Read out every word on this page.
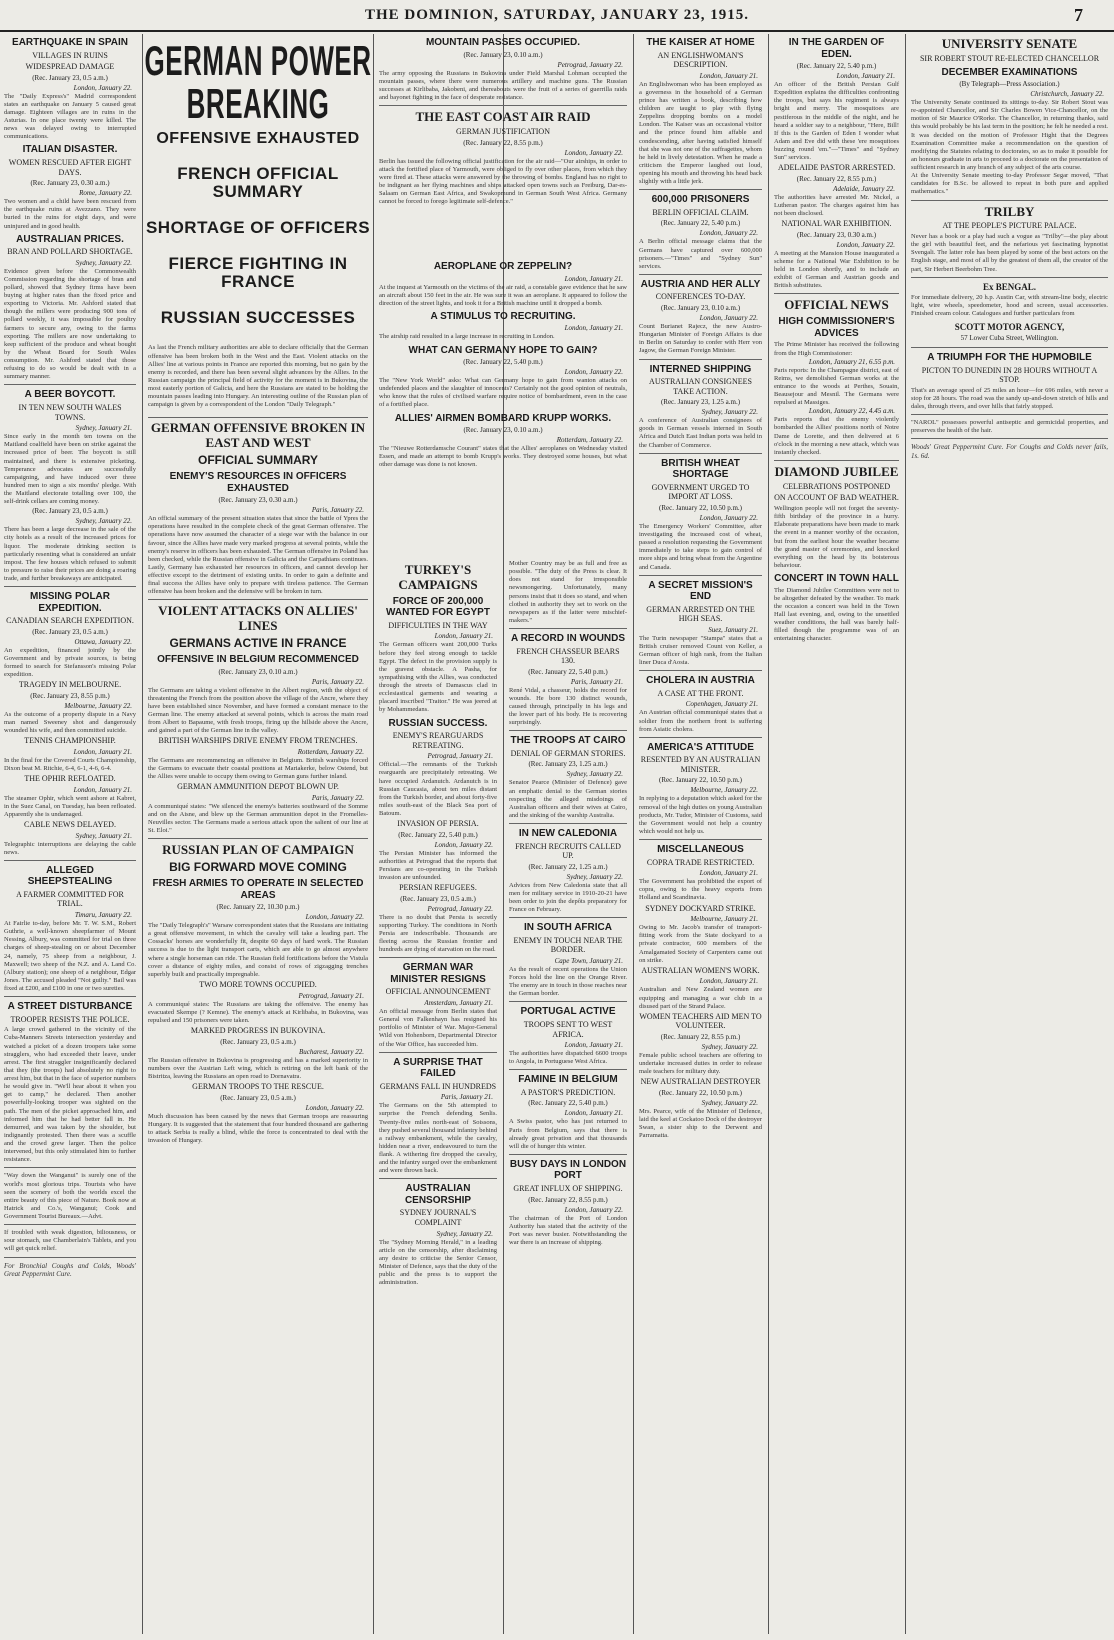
THE DOMINION, SATURDAY, JANUARY 23, 1915.	7
EARTHQUAKE IN SPAIN
VILLAGES IN RUINS
WIDESPREAD DAMAGE
(Rec. January 23, 0.5 a.m.)
London, January 22.

The "Daily Express's" Madrid correspondent states an earthquake on January 5 caused great damage. Eighteen villages are in ruins in the Asturias. In one place twenty were killed. The news was delayed owing to interrupted communications.

ITALIAN DISASTER.
WOMEN RESCUED AFTER EIGHT DAYS.
(Rec. January 23, 0.30 a.m.)
Rome, January 22.

Two women and a child have been rescued from the earthquake ruins at Avezzano. They were buried in the ruins for eight days, and were uninjured and in good health.

AUSTRALIAN PRICES.
BRAN AND POLLARD SHORTAGE.
Sydney, January 22.

Evidence given before the Commonwealth Commission regarding the shortage of bran and pollard, showed that Sydney firms have been buying at higher rates than the fixed price and exporting to Victoria. Mr. Ashford stated that though the millers were producing 900 tons of pollard weekly, it was impossible for poultry farmers to secure any, owing to the farms exporting. The millers are now undertaking to keep sufficient of the produce and wheat bought by the Wheat Board for South Wales consumption. Mr. Ashford stated that those refusing to do so would be dealt with in a summary manner.

A BEER BOYCOTT.
IN TEN NEW SOUTH WALES TOWNS.
Sydney, January 21.

Since early in the month ten towns on the Maitland coalfield have been on strike against the increased price of beer. The boycott is still maintained, and there is extensive picketing. Temperance advocates are successfully campaigning, and have induced over three hundred men to sign a six months' pledge. With the Maitland electorate totalling over 100, the self-drink cellars are coming money.

(Rec. January 23, 0.5 a.m.)
Sydney, January 22.

There has been a large decrease in the sale of the city hotels as a result of the increased prices for liquor. The moderate drinking section is particularly resenting what is considered an unfair impost. The few houses which refused to submit to pressure to raise their prices are doing a roaring trade, and further breakaways are anticipated.

MISSING POLAR EXPEDITION.
CANADIAN SEARCH EXPEDITION.
(Rec. January 23, 0.5 a.m.)
Ottawa, January 22.

An expedition, financed jointly by the Government and by private sources, is being formed to search for Stefansson's missing Polar expedition.

TRAGEDY IN MELBOURNE.
(Rec. January 23, 8.55 p.m.)
Melbourne, January 22.

As the outcome of a property dispute in a Navy man named Sweeney shot and dangerously wounded his wife, and then committed suicide.

TENNIS CHAMPIONSHIP.
London, January 21.

In the final for the Covered Courts Championship, Dixon beat M. Ritchie, 6-4, 6-1, 4-6, 6-4.

THE OPHIR REFLOATED.
London, January 21.

The steamer Ophir, which went ashore at Kabret, in the Suez Canal, on Tuesday, has been refloated. Apparently she is undamaged.

CABLE NEWS DELAYED.
Sydney, January 21.

Telegraphic interruptions are delaying the cable news.

ALLEGED SHEEPSTEALING
A FARMER COMMITTED FOR TRIAL.
Timaru, January 22.

At Fairlie to-day, before Mr. T. W. S.M., Robert Guthrie, a well-known sheepfarmer of Mount Nessing, Albury, was committed for trial on three charges of sheep-stealing on or about December 24, namely, 75 sheep from a neighbour, J. Maxwell; two sheep of the N.Z. and A. Land Co. (Albury station); one sheep of a neighbour, Edgar Jones. The accused pleaded "Not guilty." Bail was fixed at £200, and £100 in one or two sureties.

A STREET DISTURBANCE
TROOPER RESISTS THE POLICE.

A large crowd gathered in the vicinity of the Cuba-Manners Streets intersection yesterday and watched a picket of a dozen troopers take some stragglers, who had exceeded their leave, under arrest. The first straggler insignificantly declared that they (the troops) had absolutely no right to arrest him, but that in the face of superior numbers he would give in. "We'll hear about it when you get to camp," he declared. Then another powerfully-looking trooper was sighted on the path. The men of the picket approached him, and informed him that he had better fall in. He demurred, and was taken by the shoulder, but indignantly protested. Then there was a scuffle and the crowd grew larger. Then the police intervened, but this only stimulated him to further resistance.

"Way down the Wanganui" is surely one of the world's most glorious trips. Tourists who have seen the scenery of both the worlds excel the entire beauty of this piece of Nature. Book now at Hatrick and Co.'s, Wanganui; Cook and Government Tourist Bureaux.—Advt.

If troubled with weak digestion, biliousness, or sour stomach, use Chamberlain's Tablets, and you will get quick relief.

For Bronchial Coughs and Colds, Woods' Great Peppermint Cure.

GERMAN POWER BREAKING
OFFENSIVE EXHAUSTED
FRENCH OFFICIAL SUMMARY
SHORTAGE OF OFFICERS
FIERCE FIGHTING IN FRANCE
RUSSIAN SUCCESSES

As last the French military authorities are able to declare officially that the German offensive has been broken both in the West and the East. Violent attacks on the Allies' line at various points in France are reported this morning, but no gain by the enemy is recorded, and there has been several slight advances by the Allies. In the Russian campaign the principal field of activity for the moment is in Bukovina, the most easterly portion of Galicia, and here the Russians are stated to be holding the mountain passes leading into Hungary. An interesting outline of the Russian plan of campaign is given by a correspondent of the London "Daily Telegraph."

GERMAN OFFENSIVE BROKEN IN EAST AND WEST
OFFICIAL SUMMARY
ENEMY'S RESOURCES IN OFFICERS EXHAUSTED
(Rec. January 23, 0.30 a.m.)
Paris, January 22.

An official summary of the present situation states that since the battle of Ypres the operations have resulted in the complete check of the great German offensive. The operations have now assumed the character of a siege war with the balance in our favour, since the Allies have made very marked progress at several points, while the enemy's reserve in officers has been exhausted. The German offensive in Poland has been checked, while the Russian offensive in Galicia and the Carpathians continues. Lastly, Germany has exhausted her resources in officers, and cannot develop her effective except to the detriment of existing units. In order to gain a definite and final success the Allies have only to prepare with tireless patience. The German offensive has been broken and the defensive will be broken in turn.

VIOLENT ATTACKS ON ALLIES' LINES
GERMANS ACTIVE IN FRANCE
OFFENSIVE IN BELGIUM RECOMMENCED
(Rec. January 23, 0.10 a.m.)
Paris, January 22.

The Germans are taking a violent offensive in the Albert region, with the object of threatening the French from the position above the village of the Ancre, where they have been established since November, and have formed a constant menace to the German line. The enemy attacked at several points, which is across the main road from Albert to Bapaume, with fresh troops, firing up the hillside above the Ancre, and gained a part of the German line in the valley.

BRITISH WARSHIPS DRIVE ENEMY FROM TRENCHES.
Rotterdam, January 22.

The Germans are recommencing an offensive in Belgium. British warships forced the Germans to evacuate their coastal positions at Mariakerke, below Ostend, but the Allies were unable to occupy them owing to German guns further inland.

GERMAN AMMUNITION DEPOT BLOWN UP.
Paris, January 22.

A communiqué states: "We silenced the enemy's batteries southward of the Somme and on the Aisne, and blew up the German ammunition depot in the Fromelles-Neuvilles sector. The Germans made a serious attack upon the salient of our line at St. Eloi."

RUSSIAN PLAN OF CAMPAIGN
BIG FORWARD MOVE COMING
FRESH ARMIES TO OPERATE IN SELECTED AREAS
(Rec. January 22, 10.30 p.m.)
London, January 22.

The "Daily Telegraph's" Warsaw correspondent states that the Russians are initiating a great offensive movement, in which the cavalry will take a leading part. The Cossacks' horses are wonderfully fit, despite 60 days of hard work. The Russian success is due to the light transport carts, which are able to go almost anywhere where a single horseman can ride. The Russian field fortifications before the Vistula cover a distance of eighty miles, and consist of rows of zigzagging trenches superbly built and practically impregnable.

TWO MORE TOWNS OCCUPIED.
Petrograd, January 21.

A communiqué states: The Russians are taking the offensive. The enemy has evacuated Skempe (? Kemne). The enemy's attack at Kirlibaba, in Bukovina, was repulsed and 150 prisoners were taken.

MARKED PROGRESS IN BUKOVINA.
(Rec. January 23, 0.5 a.m.)
Bucharest, January 22.

The Russian offensive in Bukovina is progressing and has a marked superiority in numbers over the Austrian Left wing, which is retiring on the left bank of the Bistritza, leaving the Russians an open road to Dornavatra.

GERMAN TROOPS TO THE RESCUE.
(Rec. January 23, 0.5 a.m.)
London, January 22.

Much discussion has been caused by the news that German troops are reassuring Hungary. It is suggested that the statement that four hundred thousand are gathering to attack Serbia is really a blind, while the force is concentrated to deal with the invasion of Hungary.

MOUNTAIN PASSES OCCUPIED.
(Rec. January 23, 0.10 a.m.)
Petrograd, January 22.

The army opposing the Russians in Bukovina under Field Marshal Lohman occupied the mountain passes, where there were numerous artillery and machine guns. The Russian successes at Kirlibaba, Jakobeni, and thereabouts were the fruit of a series of guerrilla raids and bayonet fighting in the face of desperate resistance.

THE EAST COAST AIR RAID
GERMAN JUSTIFICATION
(Rec. January 22, 8.55 p.m.)
London, January 22.

Berlin has issued the following official justification for the air raid—"Our airships, in order to attack the fortified place of Yarmouth, were obliged to fly over other places, from which they were fired at. These attacks were answered by the throwing of bombs. England has no right to be indignant as her flying machines and ships attacked open towns such as Freiburg, Dar-es-Salaam on German East Africa, and Swakopmund in German South West Africa. Germany cannot be forced to forego legitimate self-defence."

AEROPLANE OR ZEPPELIN?
London, January 21.

At the inquest at Yarmouth on the victims of the air raid, a constable gave evidence that he saw an aircraft about 150 feet in the air. He was sure it was an aeroplane. It appeared to follow the direction of the street lights, and took it for a British machine until it dropped a bomb.

A STIMULUS TO RECRUITING.
London, January 21.

The airship raid resulted in a large increase in recruiting in London.

WHAT CAN GERMANY HOPE TO GAIN?
(Rec. January 22, 5.40 p.m.)
London, January 22.

The "New York World" asks: What can Germany hope to gain from wanton attacks on undefended places and the slaughter of innocents? Certainly not the good opinion of neutrals, who know that the rules of civilised warfare require notice of bombardment, even in the case of a fortified place.

ALLIES' AIRMEN BOMBARD KRUPP WORKS.
(Rec. January 23, 0.10 a.m.)
Rotterdam, January 22.

The "Nieuwe Rotterdamsche Courant" states that the Allies' aeroplanes on Wednesday visited Essen, and made an attempt to bomb Krupp's works. They destroyed some houses, but what other damage was done is not known.

TURKEY'S CAMPAIGNS
FORCE OF 200,000 WANTED FOR EGYPT
DIFFICULTIES IN THE WAY
London, January 21.

The German officers want 200,000 Turks before they feel strong enough to tackle Egypt. The defect in the provision supply is the gravest obstacle. A Pasha, for sympathising with the Allies, was conducted through the streets of Damascus clad in ecclesiastical garments and wearing a placard inscribed "Traitor." He was jeered at by Mohammedans.

RUSSIAN SUCCESS.
ENEMY'S REARGUARDS RETREATING.
Petrograd, January 21.

Official.—The remnants of the Turkish rearguards are precipitately retreating. We have occupied Ardanutch. Ardanutch is in Russian Caucasia, about ten miles distant from the Turkish border, and about forty-five miles south-east of the Black Sea port of Batoum.

INVASION OF PERSIA.
(Rec. January 22, 5.40 p.m.)
London, January 22.

The Persian Minister has informed the authorities at Petrograd that the reports that Persians are co-operating in the Turkish invasion are unfounded.

PERSIAN REFUGEES.
(Rec. January 23, 0.5 a.m.)
Petrograd, January 22.

There is no doubt that Persia is secretly supporting Turkey. The conditions in North Persia are indescribable. Thousands are fleeing across the Russian frontier and hundreds are dying of starvation on the road.

GERMAN WAR MINISTER RESIGNS
OFFICIAL ANNOUNCEMENT
Amsterdam, January 21.

An official message from Berlin states that General von Falkenhayn has resigned his portfolio of Minister of War. Major-General Wild von Hohenborn, Departmental Director of the War Office, has succeeded him.

A SURPRISE THAT FAILED
GERMANS FALL IN HUNDREDS
Paris, January 21.

The Germans on the 5th attempted to surprise the French defending Senlis. Twenty-five miles north-east of Soissons, they pushed several thousand infantry behind a railway embankment, while the cavalry, hidden near a river, endeavoured to turn the flank. A withering fire dropped the cavalry, and the infantry surged over the embankment and were thrown back.

AUSTRALIAN CENSORSHIP
SYDNEY JOURNAL'S COMPLAINT
Sydney, January 22.

The "Sydney Morning Herald," in a leading article on the censorship, after disclaiming any desire to criticise the Senior Censor, Minister of Defence, says that the duty of the public and the press is to support the administration.

Mother Country may be as full and free as possible. "The duty of the Press is clear. It does not stand for irresponsible newsmongering. Unfortunately, many persons insist that it does so stand, and when clothed in authority they set to work on the newspapers as if the latter were mischief-makers."

A RECORD IN WOUNDS
FRENCH CHASSEUR BEARS 130.
(Rec. January 22, 5.40 p.m.)
Paris, January 21.

René Vidal, a chasseur, holds the record for wounds. He bore 130 distinct wounds, caused through, principally in his legs and the lower part of his body. He is recovering surprisingly.

THE TROOPS AT CAIRO
DENIAL OF GERMAN STORIES.
(Rec. January 23, 1.25 a.m.)
Sydney, January 22.

Senator Pearce (Minister of Defence) gave an emphatic denial to the German stories respecting the alleged misdoings of Australian officers and their wives at Cairo, and the sinking of the warship Australia.

IN NEW CALEDONIA
FRENCH RECRUITS CALLED UP.
(Rec. January 22, 1.25 a.m.)
Sydney, January 22.

Advices from New Caledonia state that all men for military service in 1910-20-21 have been order to join the depôts preparatory for France on February.

IN SOUTH AFRICA
ENEMY IN TOUCH NEAR THE BORDER.
Cape Town, January 21.

As the result of recent operations the Union Forces hold the line on the Orange River. The enemy are in touch in those reaches near the German border.

PORTUGAL ACTIVE
TROOPS SENT TO WEST AFRICA.
London, January 21.

The authorities have dispatched 6600 troops to Angola, in Portuguese West Africa.

FAMINE IN BELGIUM
A PASTOR'S PREDICTION.
(Rec. January 22, 5.40 p.m.)
London, January 21.

A Swiss pastor, who has just returned to Paris from Belgium, says that there is already great privation and that thousands will die of hunger this winter.

BUSY DAYS IN LONDON PORT
GREAT INFLUX OF SHIPPING.
(Rec. January 22, 8.55 p.m.)
London, January 22.

The chairman of the Port of London Authority has stated that the activity of the Port was never busier. Notwithstanding the war there is an increase of shipping.

THE KAISER AT HOME
AN ENGLISHWOMAN'S DESCRIPTION.
London, January 21.

An Englishwoman who has been employed as a governess in the household of a German prince has written a book, describing how children are taught to play with flying Zeppelins dropping bombs on a model London. The Kaiser was an occasional visitor and the prince found him affable and condescending, after having satisfied himself that she was not one of the suffragettes, whom he held in lively detestation. When he made a criticism the Emperor laughed out loud, opening his mouth and throwing his head back slightly with a little jerk.

600,000 PRISONERS
BERLIN OFFICIAL CLAIM.
(Rec. January 22, 5.40 p.m.)
London, January 22.

A Berlin official message claims that the Germans have captured over 600,000 prisoners.—"Times" and "Sydney Sun" services.

AUSTRIA AND HER ALLY
CONFERENCES TO-DAY.
(Rec. January 23, 0.10 a.m.)
London, January 22.

Count Burianet Rajecz, the new Austro-Hungarian Minister of Foreign Affairs is due in Berlin on Saturday to confer with Herr von Jagow, the German Foreign Minister.

INTERNED SHIPPING
AUSTRALIAN CONSIGNEES TAKE ACTION.
(Rec. January 23, 1.25 a.m.)
Sydney, January 22.

A conference of Australian consignees of goods in German vessels interned in South Africa and Dutch East Indian ports was held in the Chamber of Commerce.

BRITISH WHEAT SHORTAGE
GOVERNMENT URGED TO IMPORT AT LOSS.
(Rec. January 22, 10.50 p.m.)
London, January 22.

The Emergency Workers' Committee, after investigating the increased cost of wheat, passed a resolution requesting the Government immediately to take steps to gain control of more ships and bring wheat from the Argentine and Canada.

A SECRET MISSION'S END
GERMAN ARRESTED ON THE HIGH SEAS.
Suez, January 21.

The Turin newspaper "Stampa" states that a British cruiser removed Count von Keller, a German officer of high rank, from the Italian liner Duca d'Aosta.

CHOLERA IN AUSTRIA
A CASE AT THE FRONT.
Copenhagen, January 21.

An Austrian official communiqué states that a soldier from the northern front is suffering from Asiatic cholera.

AMERICA'S ATTITUDE
RESENTED BY AN AUSTRALIAN MINISTER.
(Rec. January 22, 10.50 p.m.)
Melbourne, January 22.

In replying to a deputation which asked for the removal of the high duties on young Australian products, Mr. Tudor, Minister of Customs, said the Government would not help a country which would not help us.

MISCELLANEOUS
COPRA TRADE RESTRICTED.
London, January 21.

The Government has prohibited the export of copra, owing to the heavy exports from Holland and Scandinavia.

SYDNEY DOCKYARD STRIKE.
Melbourne, January 21.

Owing to Mr. Jacob's transfer of transport-fitting work from the State dockyard to a private contractor, 600 members of the Amalgamated Society of Carpenters came out on strike.

AUSTRALIAN WOMEN'S WORK.
London, January 21.

Australian and New Zealand women are equipping and managing a war club in a disused part of the Strand Palace.

WOMEN TEACHERS AID MEN TO VOLUNTEER.
(Rec. January 22, 8.55 p.m.)
Sydney, January 22.

Female public school teachers are offering to undertake increased duties in order to release male teachers for military duty.

NEW AUSTRALIAN DESTROYER
(Rec. January 22, 10.50 p.m.)
Sydney, January 22.

Mrs. Pearce, wife of the Minister of Defence, laid the keel at Cockatoo Dock of the destroyer Swan, a sister ship to the Derwent and Parramatta.

IN THE GARDEN OF EDEN.
(Rec. January 22, 5.40 p.m.)
London, January 21.

An officer of the British Persian Gulf Expedition explains the difficulties confronting the troops, but says his regiment is always bright and merry. The mosquitoes are pestiferous in the middle of the night, and he heard a soldier say to a neighbour, "Here, Bill! If this is the Garden of Eden I wonder what Adam and Eve did with these 'ere mosquitoes buzzing round 'em."—"Times" and "Sydney Sun" services.

ADELAIDE PASTOR ARRESTED.
(Rec. January 22, 8.55 p.m.)
Adelaide, January 22.

The authorities have arrested Mr. Nickel, a Lutheran pastor. The charges against him has not been disclosed.

NATIONAL WAR EXHIBITION.
(Rec. January 23, 0.30 a.m.)
London, January 22.

A meeting at the Mansion House inaugurated a scheme for a National War Exhibition to be held in London shortly, and to include an exhibit of German and Austrian goods and British substitutes.

OFFICIAL NEWS
HIGH COMMISSIONER'S ADVICES

The Prime Minister has received the following from the High Commissioner:

London, January 21, 6.55 p.m.

Paris reports: In the Champagne district, east of Reims, we demolished German works at the entrance to the woods at Perthes, Souain, Beausejour and Mesnil. The Germans were repulsed at Massiges.

London, January 22, 4.45 a.m.

Paris reports that the enemy violently bombarded the Allies' positions north of Notre Dame de Lorette, and then delivered at 6 o'clock in the morning a new attack, which was instantly checked.

DIAMOND JUBILEE
CELEBRATIONS POSTPONED
ON ACCOUNT OF BAD WEATHER.

Wellington people will not forget the seventy-fifth birthday of the province in a hurry. Elaborate preparations have been made to mark the event in a manner worthy of the occasion, but from the earliest hour the weather became the grand master of ceremonies, and knocked everything on the head by its boisterous behaviour.

CONCERT IN TOWN HALL

The Diamond Jubilee Committees were not to be altogether defeated by the weather. To mark the occasion a concert was held in the Town Hall last evening, and, owing to the unsettled weather conditions, the hall was barely half-filled though the programme was of an entertaining character.

UNIVERSITY SENATE
SIR ROBERT STOUT RE-ELECTED CHANCELLOR
DECEMBER EXAMINATIONS
(By Telegraph—Press Association.)
Christchurch, January 22.

The University Senate continued its sittings to-day. Sir Robert Stout was re-appointed Chancellor, and Sir Charles Bowen Vice-Chancellor, on the motion of Sir Maurice O'Rorke. The Chancellor, in returning thanks, said this would probably be his last term in the position; he felt he needed a rest. It was decided on the motion of Professor Hight that the Degrees Examination Committee make a recommendation on the question of modifying the Statutes relating to doctorates, so as to make it possible for an honours graduate in arts to proceed to a doctorate on the presentation of sufficient research in any branch of any subject of the arts course.

At the University Senate meeting to-day Professor Segar moved, "That candidates for B.Sc. be allowed to repeat in both pure and applied mathematics."

TRILBY
AT THE PEOPLE'S PICTURE PALACE.

Never has a book or a play had such a vogue as "Trilby"—the play about the girl with beautiful feet, and the nefarious yet fascinating hypnotist Svengali. The latter role has been played by some of the best actors on the English stage, and most of all by the greatest of them all, the creator of the part, Sir Herbert Beerbohm Tree.

Ex BENGAL.

For immediate delivery, 20 h.p. Austin Car, with stream-line body, electric light, wire wheels, speedometer, hood and screen, usual accessories. Finished cream colour. Catalogues and further particulars from

SCOTT MOTOR AGENCY,
57 Lower Cuba Street, Wellington.
A TRIUMPH FOR THE HUPMOBILE
PICTON TO DUNEDIN IN 28 HOURS WITHOUT A STOP.

That's an average speed of 25 miles an hour—for 696 miles, with never a stop for 28 hours. The road was the sandy up-and-down stretch of hills and dales, through rivers, and over hills that fairly stopped.

"NAROL" possesses powerful antiseptic and germicidal properties, and preserves the health of the hair.

Woods' Great Peppermint Cure. For Coughs and Colds never fails, 1s. 6d.
